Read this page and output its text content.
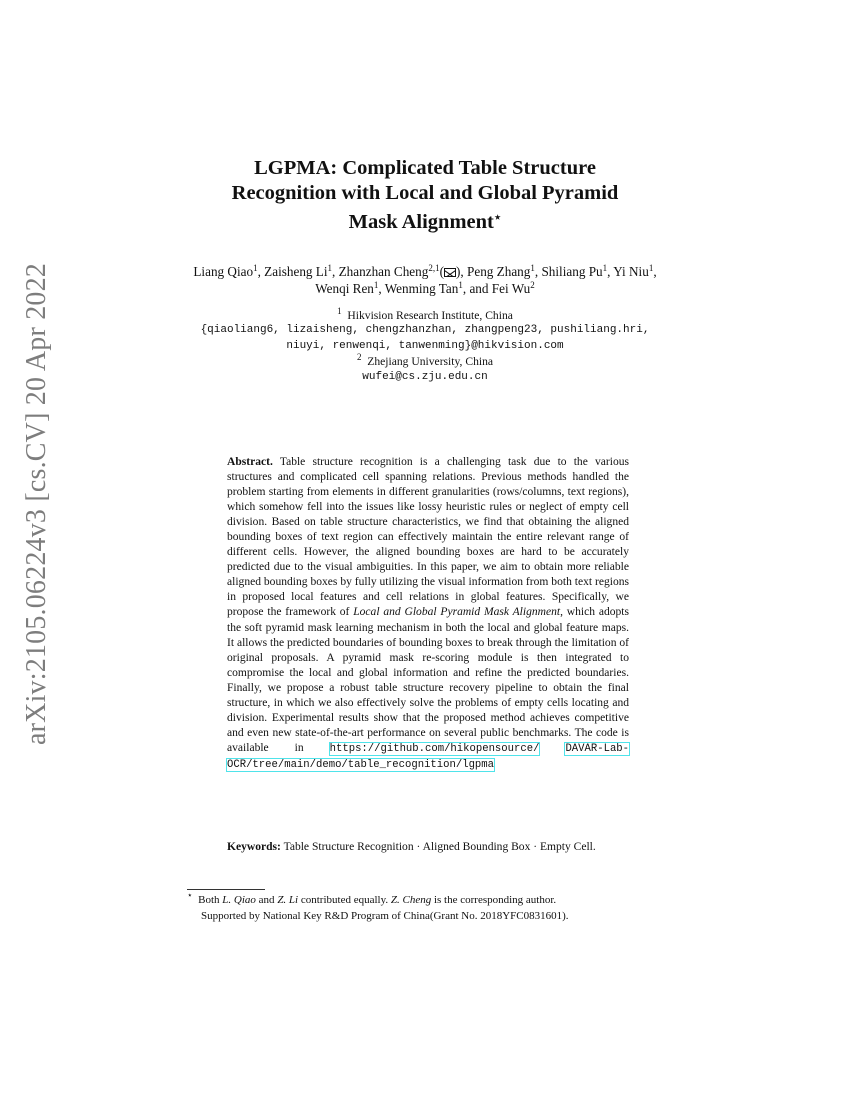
arXiv:2105.06224v3 [cs.CV] 20 Apr 2022
LGPMA: Complicated Table Structure
Recognition with Local and Global Pyramid
Mask Alignment⋆
Liang Qiao$^1$, Zaisheng Li$^1$, Zhanzhan Cheng$^{2,1}$( ), Peng Zhang$^1$, Shiliang Pu$^1$, Yi Niu$^1$, Wenqi Ren$^1$, Wenming Tan$^1$, and Fei Wu$^2$
$^1$ Hikvision Research Institute, China
{qiaoliang6, lizaisheng, chengzhanzhan, zhangpeng23, pushiliang.hri,
niuyi, renwenqi, tanwenming}@hikvision.com
$^2$ Zhejiang University, China
wufei@cs.zju.edu.cn

Abstract. Table structure recognition is a challenging task due to the various structures and complicated cell spanning relations. Previous methods handled the problem starting from elements in different granularities (rows/columns, text regions), which somehow fell into the issues like lossy heuristic rules or neglect of empty cell division. Based on table structure characteristics, we find that obtaining the aligned bounding boxes of text region can effectively maintain the entire relevant range of different cells. However, the aligned bounding boxes are hard to be accurately predicted due to the visual ambiguities. In this paper, we aim to obtain more reliable aligned bounding boxes by fully utilizing the visual information from both text regions in proposed local features and cell relations in global features. Specifically, we propose the framework of Local and Global Pyramid Mask Alignment, which adopts the soft pyramid mask learning mechanism in both the local and global feature maps. It allows the predicted boundaries of bounding boxes to break through the limitation of original proposals. A pyramid mask re-scoring module is then integrated to compromise the local and global information and refine the predicted boundaries. Finally, we propose a robust table structure recovery pipeline to obtain the final structure, in which we also effectively solve the problems of empty cells locating and division. Experimental results show that the proposed method achieves competitive and even new state-of-the-art performance on several public benchmarks. The code is available in https://github.com/hikopensource/ DAVAR-Lab-OCR/tree/main/demo/table_recognition/lgpma

Keywords: Table Structure Recognition · Aligned Bounding Box · Empty Cell.

⋆ Both L. Qiao and Z. Li contributed equally. Z. Cheng is the corresponding author.
Supported by National Key R&D Program of China(Grant No. 2018YFC0831601).
